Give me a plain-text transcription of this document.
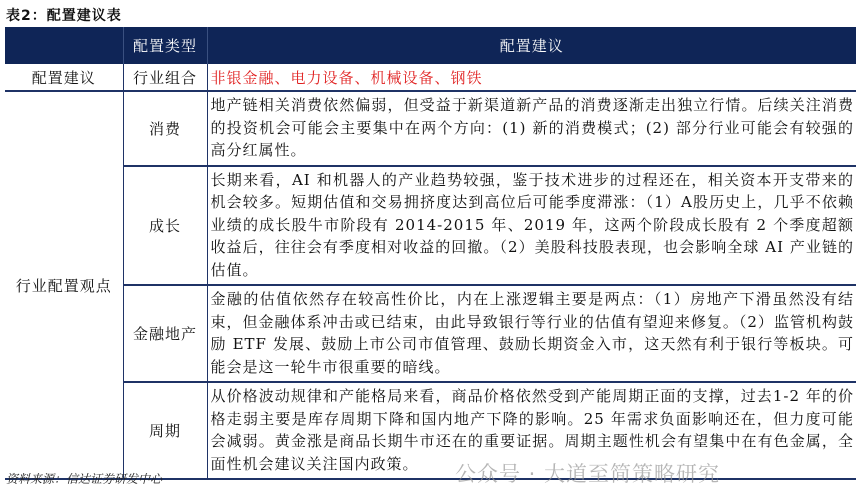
表2：配置建议表
	配置类型	配置建议
配置建议	行业组合	非银金融、电力设备、机械设备、钢铁
行业配置观点	消费	地产链相关消费依然偏弱，但受益于新渠道新产品的消费逐渐走出独立行情。后续关注消费的投资机会可能会主要集中在两个方向：(1) 新的消费模式；(2) 部分行业可能会有较强的高分红属性。
	成长	长期来看，AI 和机器人的产业趋势较强，鉴于技术进步的过程还在，相关资本开支带来的机会较多。短期估值和交易拥挤度达到高位后可能季度滞涨：（1）A股历史上，几乎不依赖业绩的成长股牛市阶段有 2014-2015 年、2019 年，这两个阶段成长股有 2 个季度超额收益后，往往会有季度相对收益的回撤。（2）美股科技股表现，也会影响全球 AI 产业链的估值。
	金融地产	金融的估值依然存在较高性价比，内在上涨逻辑主要是两点：（1）房地产下滑虽然没有结束，但金融体系冲击或已结束，由此导致银行等行业的估值有望迎来修复。（2）监管机构鼓励 ETF 发展、鼓励上市公司市值管理、鼓励长期资金入市，这天然有利于银行等板块。可能会是这一轮牛市很重要的暗线。
	周期	从价格波动规律和产能格局来看，商品价格依然受到产能周期正面的支撑，过去1-2 年的价格走弱主要是库存周期下降和国内地产下降的影响。25 年需求负面影响还在，但力度可能会减弱。黄金涨是商品长期牛市还在的重要证据。周期主题性机会有望集中在有色金属，全面性机会建议关注国内政策。
资料来源：信达证券研发中心	公众号 · 大道至简策略研究
